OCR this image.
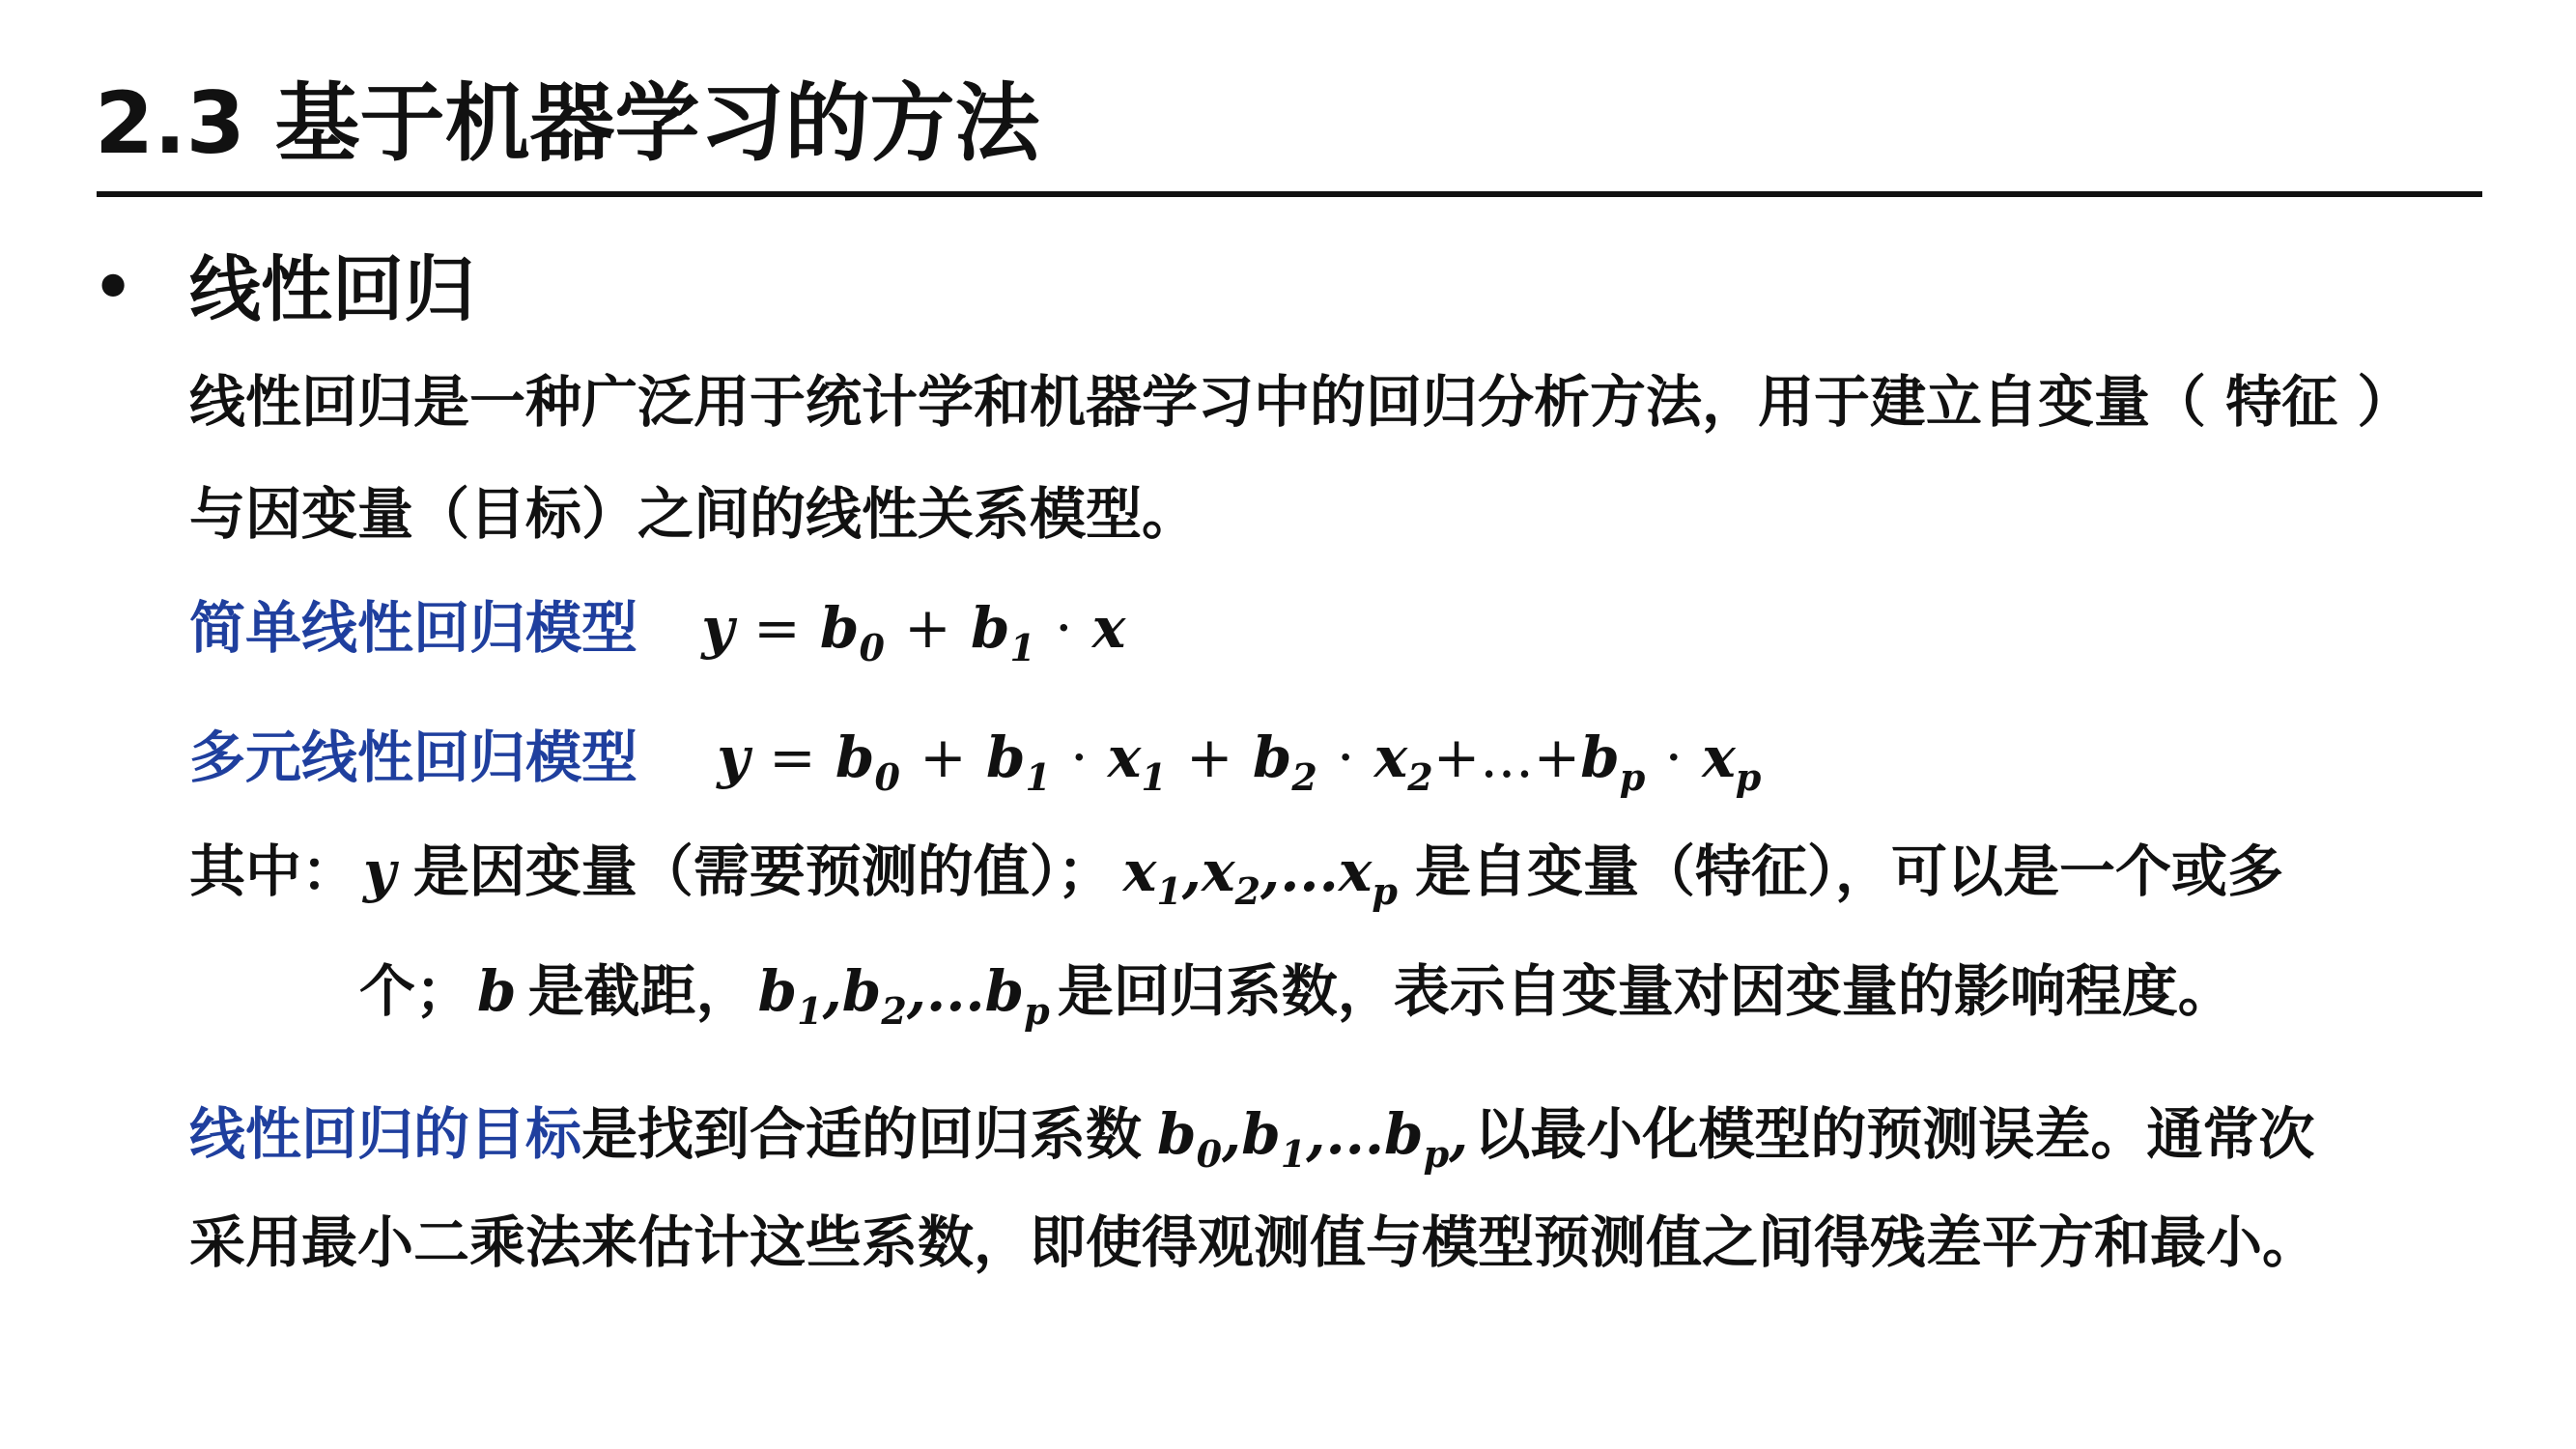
2.3 基于机器学习的方法
• 线性回归
线性回归是一种广泛用于统计学和机器学习中的回归分析方法，用于建立自变量（ 特征 ）
与因变量（目标）之间的线性关系模型。
简单线性回归模型 $y = b_0 + b_1 \cdot x$
多元线性回归模型 $y = b_0 + b_1 \cdot x_1 + b_2 \cdot x_2+...+b_p \cdot x_p$
其中： y 是因变量（需要预测的值）； $x_1,x_2,...x_p$ 是自变量（特征），可以是一个或多
个； b 是截距， $b_1,b_2,...b_p$ 是回归系数，表示自变量对因变量的影响程度。
线性回归的目标是找到合适的回归系数 $b_0,b_1,...b_p$, 以最小化模型的预测误差。通常次
采用最小二乘法来估计这些系数，即使得观测值与模型预测值之间得残差平方和最小。
